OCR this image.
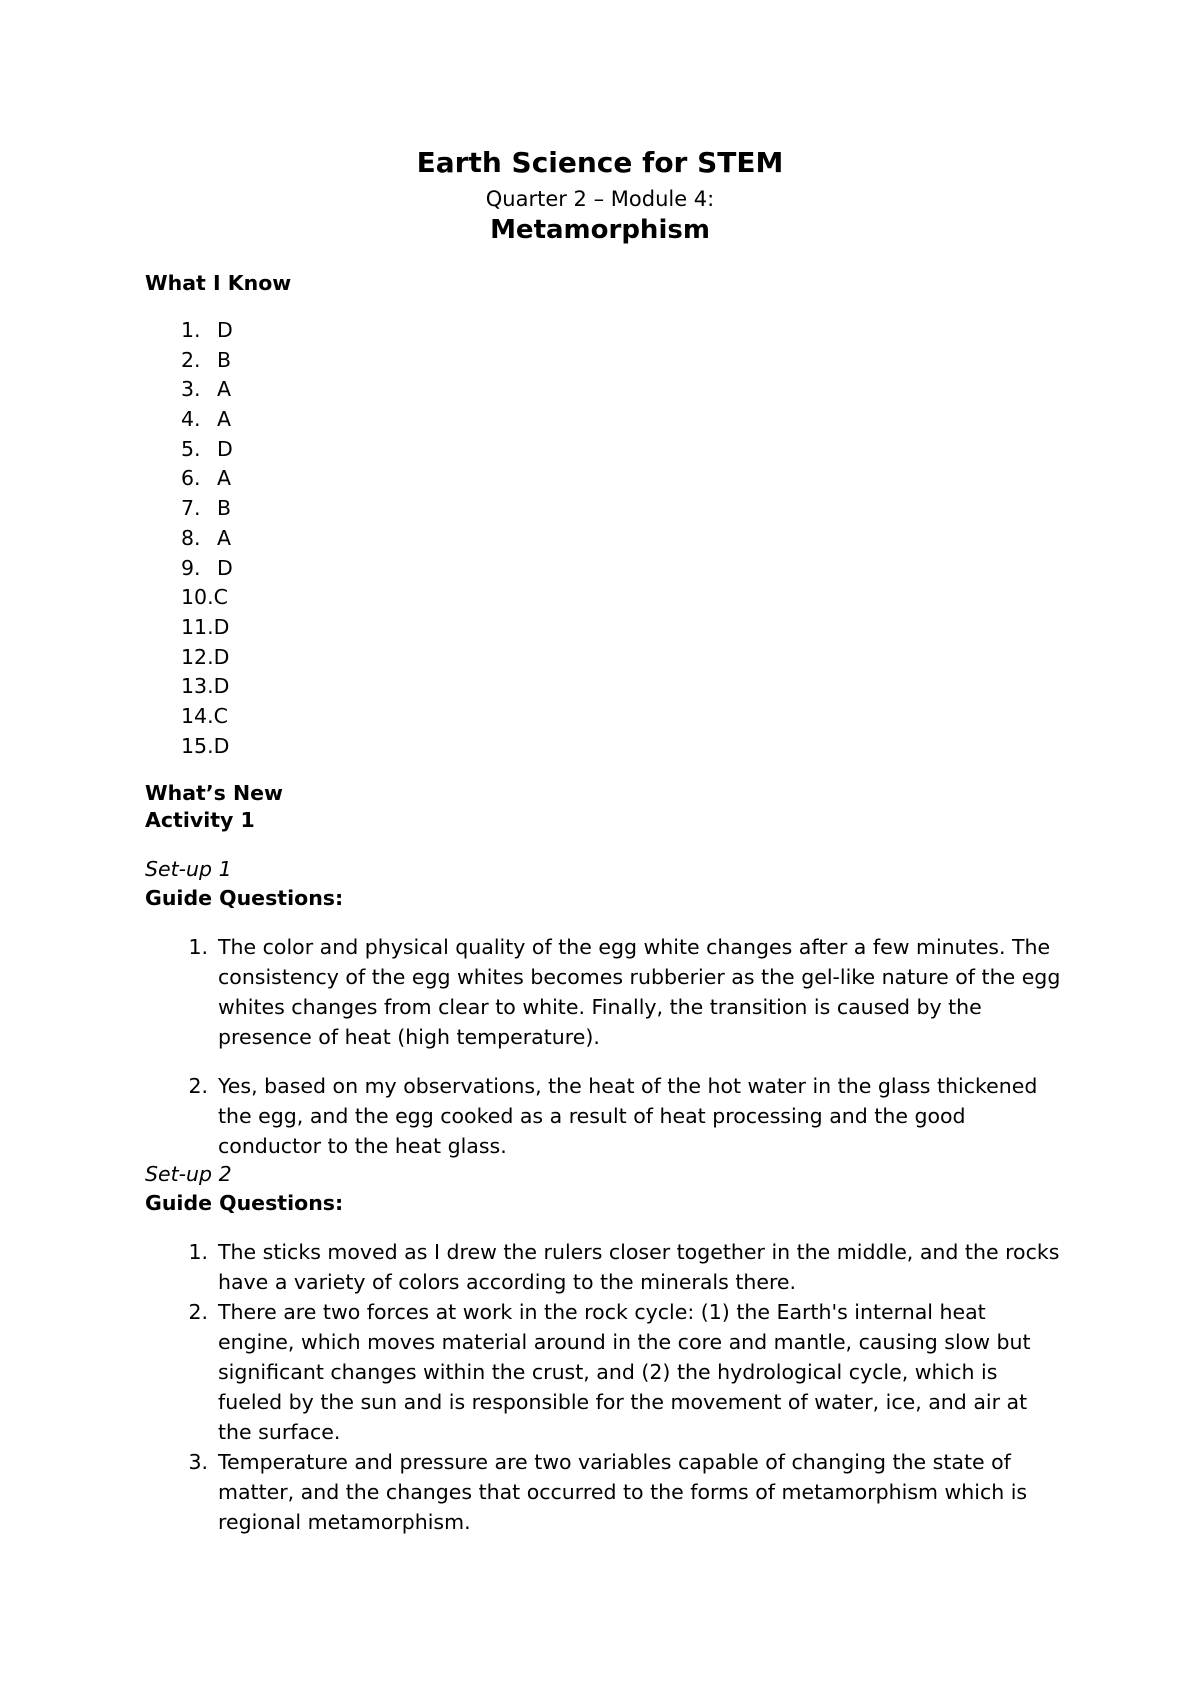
Earth Science for STEM
Quarter 2 – Module 4:
Metamorphism

What I Know

1. D
2. B
3. A
4. A
5. D
6. A
7. B
8. A
9. D
10. C
11. D
12. D
13. D
14. C
15. D

What’s New

Activity 1

Set-up 1

Guide Questions:

1. The color and physical quality of the egg white changes after a few minutes. The consistency of the egg whites becomes rubberier as the gel-like nature of the egg whites changes from clear to white. Finally, the transition is caused by the presence of heat (high temperature).
2. Yes, based on my observations, the heat of the hot water in the glass thickened the egg, and the egg cooked as a result of heat processing and the good conductor to the heat glass.

Set-up 2

Guide Questions:

1. The sticks moved as I drew the rulers closer together in the middle, and the rocks have a variety of colors according to the minerals there.
2. There are two forces at work in the rock cycle: (1) the Earth's internal heat engine, which moves material around in the core and mantle, causing slow but significant changes within the crust, and (2) the hydrological cycle, which is fueled by the sun and is responsible for the movement of water, ice, and air at the surface.
3. Temperature and pressure are two variables capable of changing the state of matter, and the changes that occurred to the forms of metamorphism which is regional metamorphism.
